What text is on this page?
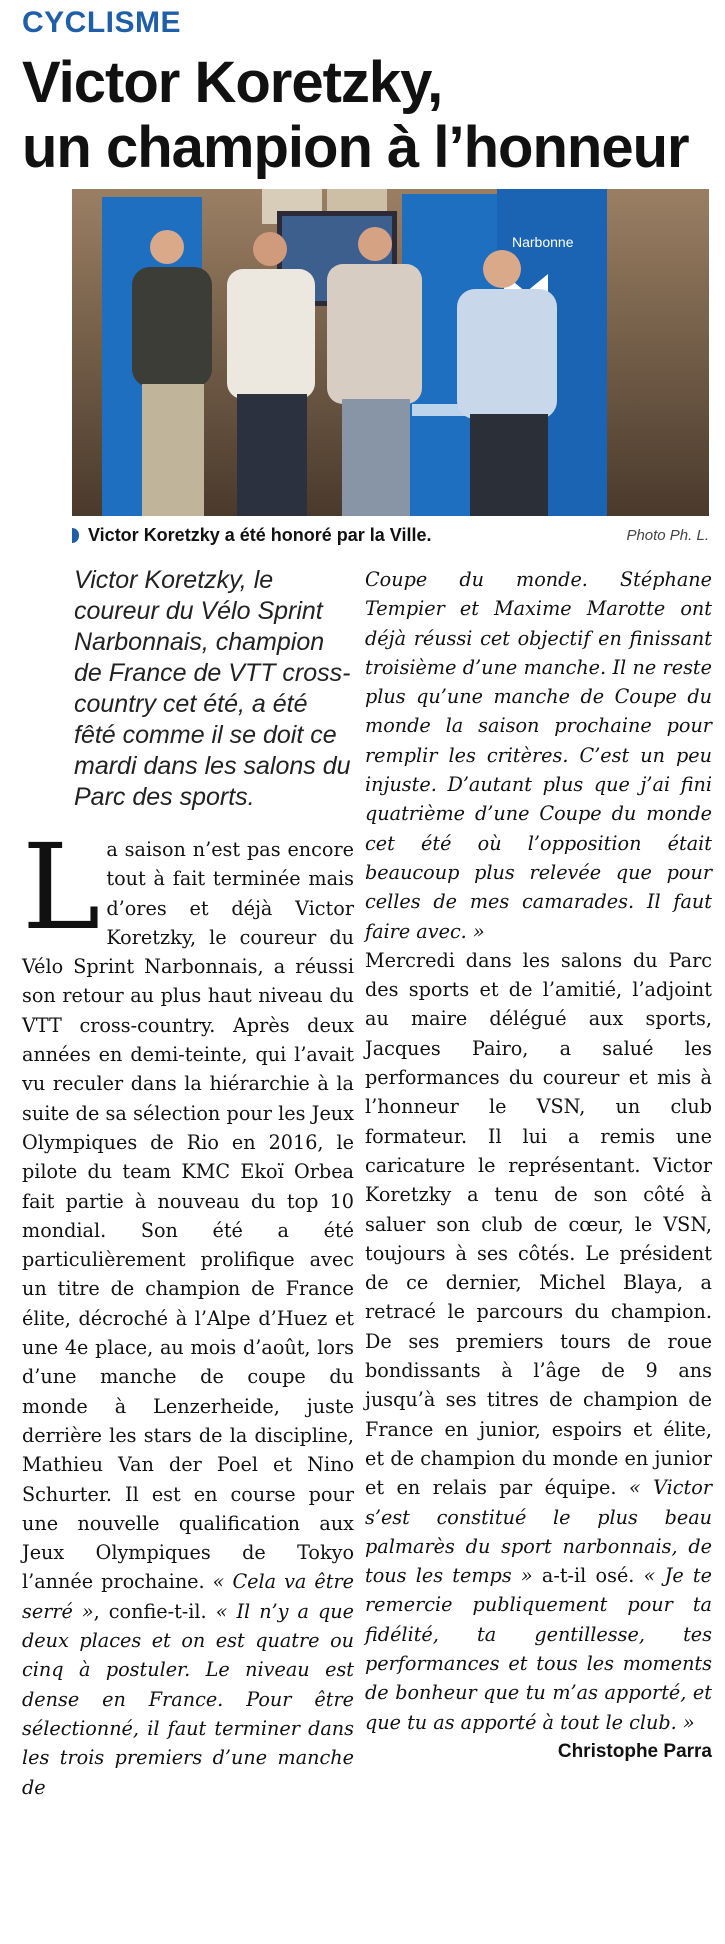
CYCLISME
Victor Koretzky,
un champion à l’honneur
Narbonne
Victor Koretzky a été honoré par la Ville.	Photo Ph. L.

Victor Koretzky, le coureur du Vélo Sprint Narbonnais, champion de France de VTT cross-country cet été, a été fêté comme il se doit ce mardi dans les salons du Parc des sports.

La saison n’est pas encore tout à fait terminée mais d’ores et déjà Victor Koretzky, le coureur du Vélo Sprint Narbonnais, a réussi son retour au plus haut niveau du VTT cross-country. Après deux années en demi-teinte, qui l’avait vu reculer dans la hiérarchie à la suite de sa sélection pour les Jeux Olympiques de Rio en 2016, le pilote du team KMC Ekoï Orbea fait partie à nouveau du top 10 mondial. Son été a été particulièrement prolifique avec un titre de champion de France élite, décroché à l’Alpe d’Huez et une 4e place, au mois d’août, lors d’une manche de coupe du monde à Lenzerheide, juste derrière les stars de la discipline, Mathieu Van der Poel et Nino Schurter. Il est en course pour une nouvelle qualification aux Jeux Olympiques de Tokyo l’année prochaine. « Cela va être serré », confie-t-il. « Il n’y a que deux places et on est quatre ou cinq à postuler. Le niveau est dense en France. Pour être sélectionné, il faut terminer dans les trois premiers d’une manche de

Coupe du monde. Stéphane Tempier et Maxime Marotte ont déjà réussi cet objectif en finissant troisième d’une manche. Il ne reste plus qu’une manche de Coupe du monde la saison prochaine pour remplir les critères. C’est un peu injuste. D’autant plus que j’ai fini quatrième d’une Coupe du monde cet été où l’opposition était beaucoup plus relevée que pour celles de mes camarades. Il faut faire avec. »

Mercredi dans les salons du Parc des sports et de l’amitié, l’adjoint au maire délégué aux sports, Jacques Pairo, a salué les performances du coureur et mis à l’honneur le VSN, un club formateur. Il lui a remis une caricature le représentant. Victor Koretzky a tenu de son côté à saluer son club de cœur, le VSN, toujours à ses côtés. Le président de ce dernier, Michel Blaya, a retracé le parcours du champion. De ses premiers tours de roue bondissants à l’âge de 9 ans jusqu’à ses titres de champion de France en junior, espoirs et élite, et de champion du monde en junior et en relais par équipe. « Victor s’est constitué le plus beau palmarès du sport narbonnais, de tous les temps » a-t-il osé. « Je te remercie publiquement pour ta fidélité, ta gentillesse, tes performances et tous les moments de bonheur que tu m’as apporté, et que tu as apporté à tout le club. »

Christophe Parra
